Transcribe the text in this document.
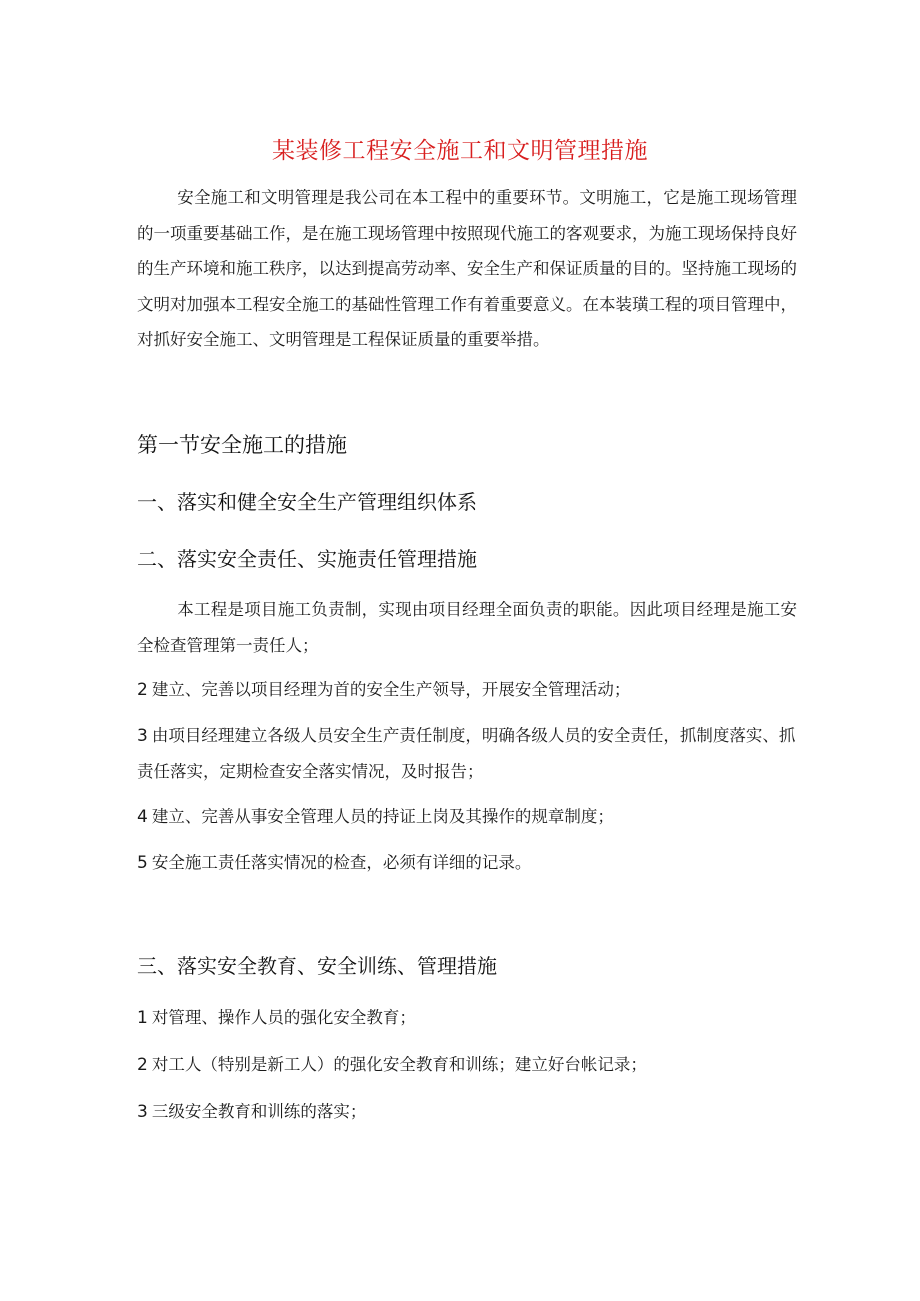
某装修工程安全施工和文明管理措施

安全施工和文明管理是我公司在本工程中的重要环节。文明施工，它是施工现场管理的一项重要基础工作，是在施工现场管理中按照现代施工的客观要求，为施工现场保持良好的生产环境和施工秩序，以达到提高劳动率、安全生产和保证质量的目的。坚持施工现场的文明对加强本工程安全施工的基础性管理工作有着重要意义。在本装璜工程的项目管理中，对抓好安全施工、文明管理是工程保证质量的重要举措。

第一节安全施工的措施
一、落实和健全安全生产管理组织体系
二、落实安全责任、实施责任管理措施

本工程是项目施工负责制，实现由项目经理全面负责的职能。因此项目经理是施工安全检查管理第一责任人；

2 建立、完善以项目经理为首的安全生产领导，开展安全管理活动；

3 由项目经理建立各级人员安全生产责任制度，明确各级人员的安全责任，抓制度落实、抓责任落实，定期检查安全落实情况，及时报告；

4 建立、完善从事安全管理人员的持证上岗及其操作的规章制度；

5 安全施工责任落实情况的检查，必须有详细的记录。

三、落实安全教育、安全训练、管理措施

1 对管理、操作人员的强化安全教育；

2 对工人（特别是新工人）的强化安全教育和训练；建立好台帐记录；

3 三级安全教育和训练的落实；
